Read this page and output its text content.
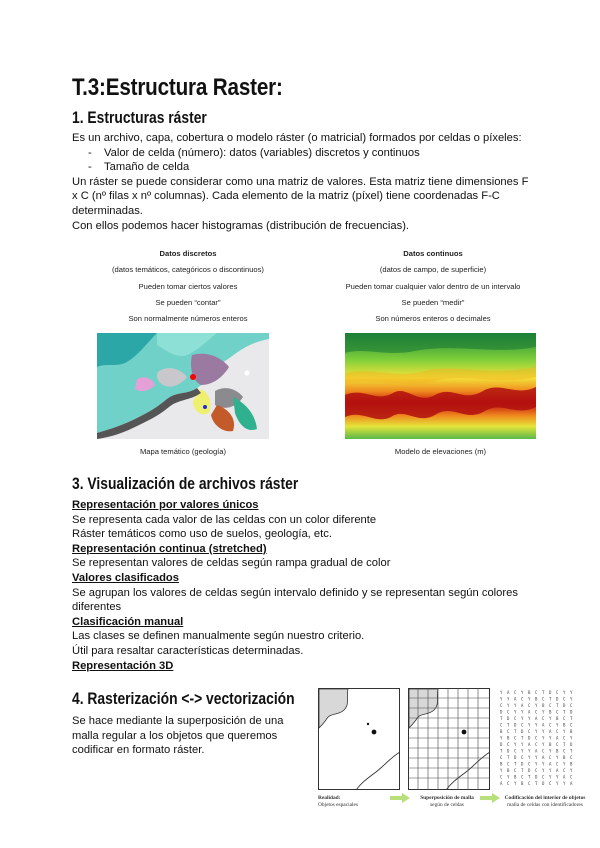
T.3:Estructura Raster:
1. Estructuras ráster
Es un archivo, capa, cobertura o modelo ráster (o matricial) formados por celdas o píxeles:
- Valor de celda (número): datos (variables) discretos y continuos
- Tamaño de celda
Un ráster se puede considerar como una matriz de valores. Esta matriz tiene dimensiones F
x C (nº filas x nº columnas). Cada elemento de la matriz (píxel) tiene coordenadas F-C
determinadas.
Con ellos podemos hacer histogramas (distribución de frecuencias).
Datos discretos
(datos temáticos, categóricos o discontinuos)
Pueden tomar ciertos valores
Se pueden “contar”
Son normalmente números enteros
Datos continuos
(datos de campo, de superficie)
Pueden tomar cualquier valor dentro de un intervalo
Se pueden “medir”
Son números enteros o decimales
Mapa temático (geología)	Modelo de elevaciones (m)
3. Visualización de archivos ráster
Representación por valores únicos
Se representa cada valor de las celdas con un color diferente
Ráster temáticos como uso de suelos, geología, etc.
Representación continua (stretched)
Se representan valores de celdas según rampa gradual de color
Valores clasificados
Se agrupan los valores de celdas según intervalo definido y se representan según colores
diferentes
Clasificación manual
Las clases se definen manualmente según nuestro criterio.
Útil para resaltar características determinadas.
Representación 3D
4. Rasterización <-> vectorización
Se hace mediante la superposición de una
malla regular a los objetos que queremos
codificar en formato ráster.
Y A C Y B C T D C Y Y
Y Y A C Y B C T D C Y
C Y Y A C Y B C T D C
D C Y Y A C Y B C T D
T D C Y Y A C Y B C T
C T D C Y Y A C Y B C
B C T D C Y Y A C Y B
Y B C T D C Y Y A C Y
D C Y Y A C Y B C T D
T D C Y Y A C Y B C T
C T D C Y Y A C Y B C
B C T D C Y Y A C Y B
Y B C T D C Y Y A C Y
C Y B C T D C Y Y A C
A C Y B C T D C Y Y A
Realidad:
Objetos espaciales
Superposición de malla
según de celdas
Codificación del interior de objetos
malla de celdas con identificadores
